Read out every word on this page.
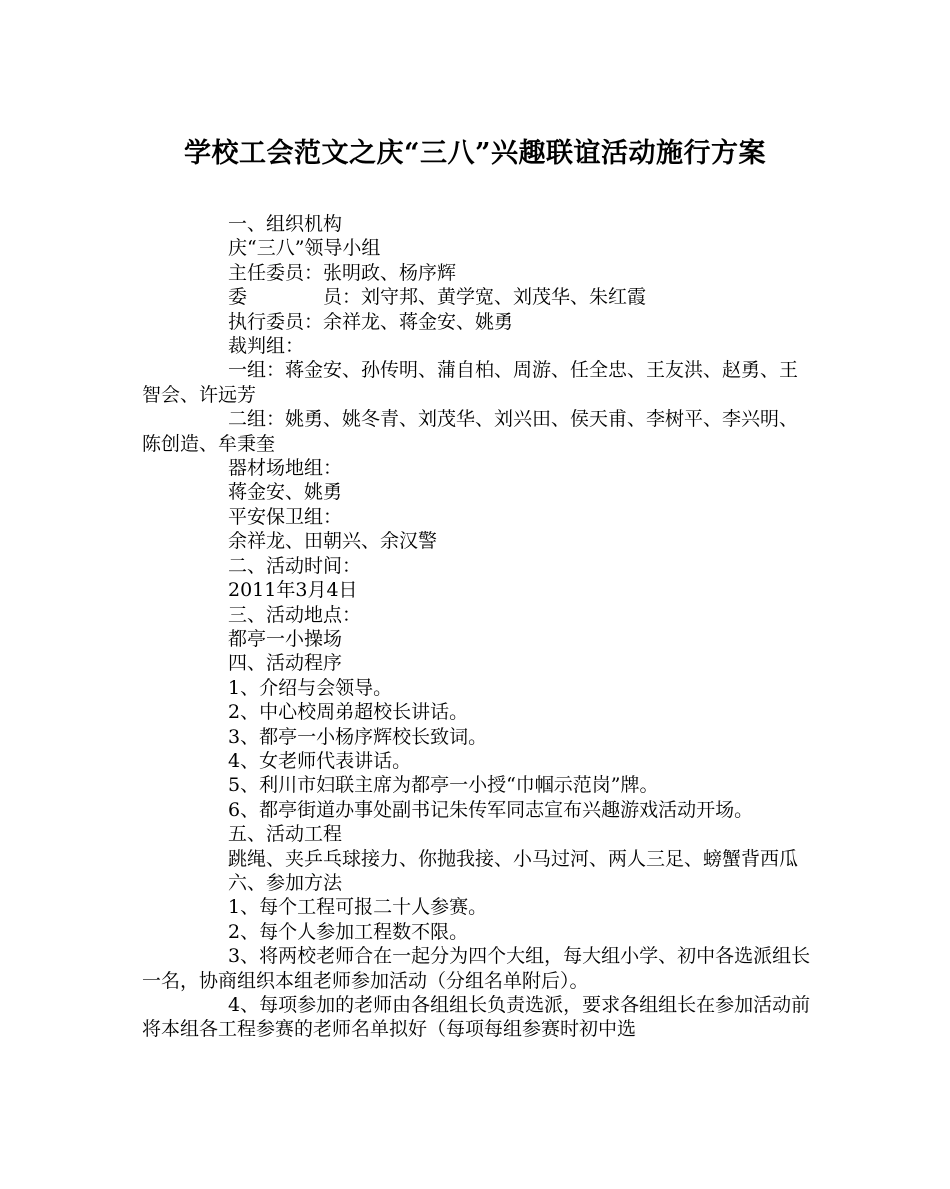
学校工会范文之庆“三八”兴趣联谊活动施行方案

一、组织机构

庆“三八”领导小组

主任委员：张明政、杨序辉

委　　　　员：刘守邦、黄学宽、刘茂华、朱红霞

执行委员：余祥龙、蒋金安、姚勇

裁判组：

一组：蒋金安、孙传明、蒲自柏、周游、任全忠、王友洪、赵勇、王智会、许远芳

二组：姚勇、姚冬青、刘茂华、刘兴田、侯天甫、李树平、李兴明、陈创造、牟秉奎

器材场地组：

蒋金安、姚勇

平安保卫组：

余祥龙、田朝兴、余汉警

二、活动时间：

2011年3月4日

三、活动地点：

都亭一小操场

四、活动程序

1、介绍与会领导。

2、中心校周弟超校长讲话。

3、都亭一小杨序辉校长致词。

4、女老师代表讲话。

5、利川市妇联主席为都亭一小授“巾帼示范岗”牌。

6、都亭街道办事处副书记朱传军同志宣布兴趣游戏活动开场。

五、活动工程

跳绳、夹乒乓球接力、你抛我接、小马过河、两人三足、螃蟹背西瓜

六、参加方法

1、每个工程可报二十人参赛。

2、每个人参加工程数不限。

3、将两校老师合在一起分为四个大组，每大组小学、初中各选派组长一名，协商组织本组老师参加活动（分组名单附后）。

4、每项参加的老师由各组组长负责选派，要求各组组长在参加活动前将本组各工程参赛的老师名单拟好（每项每组参赛时初中选
